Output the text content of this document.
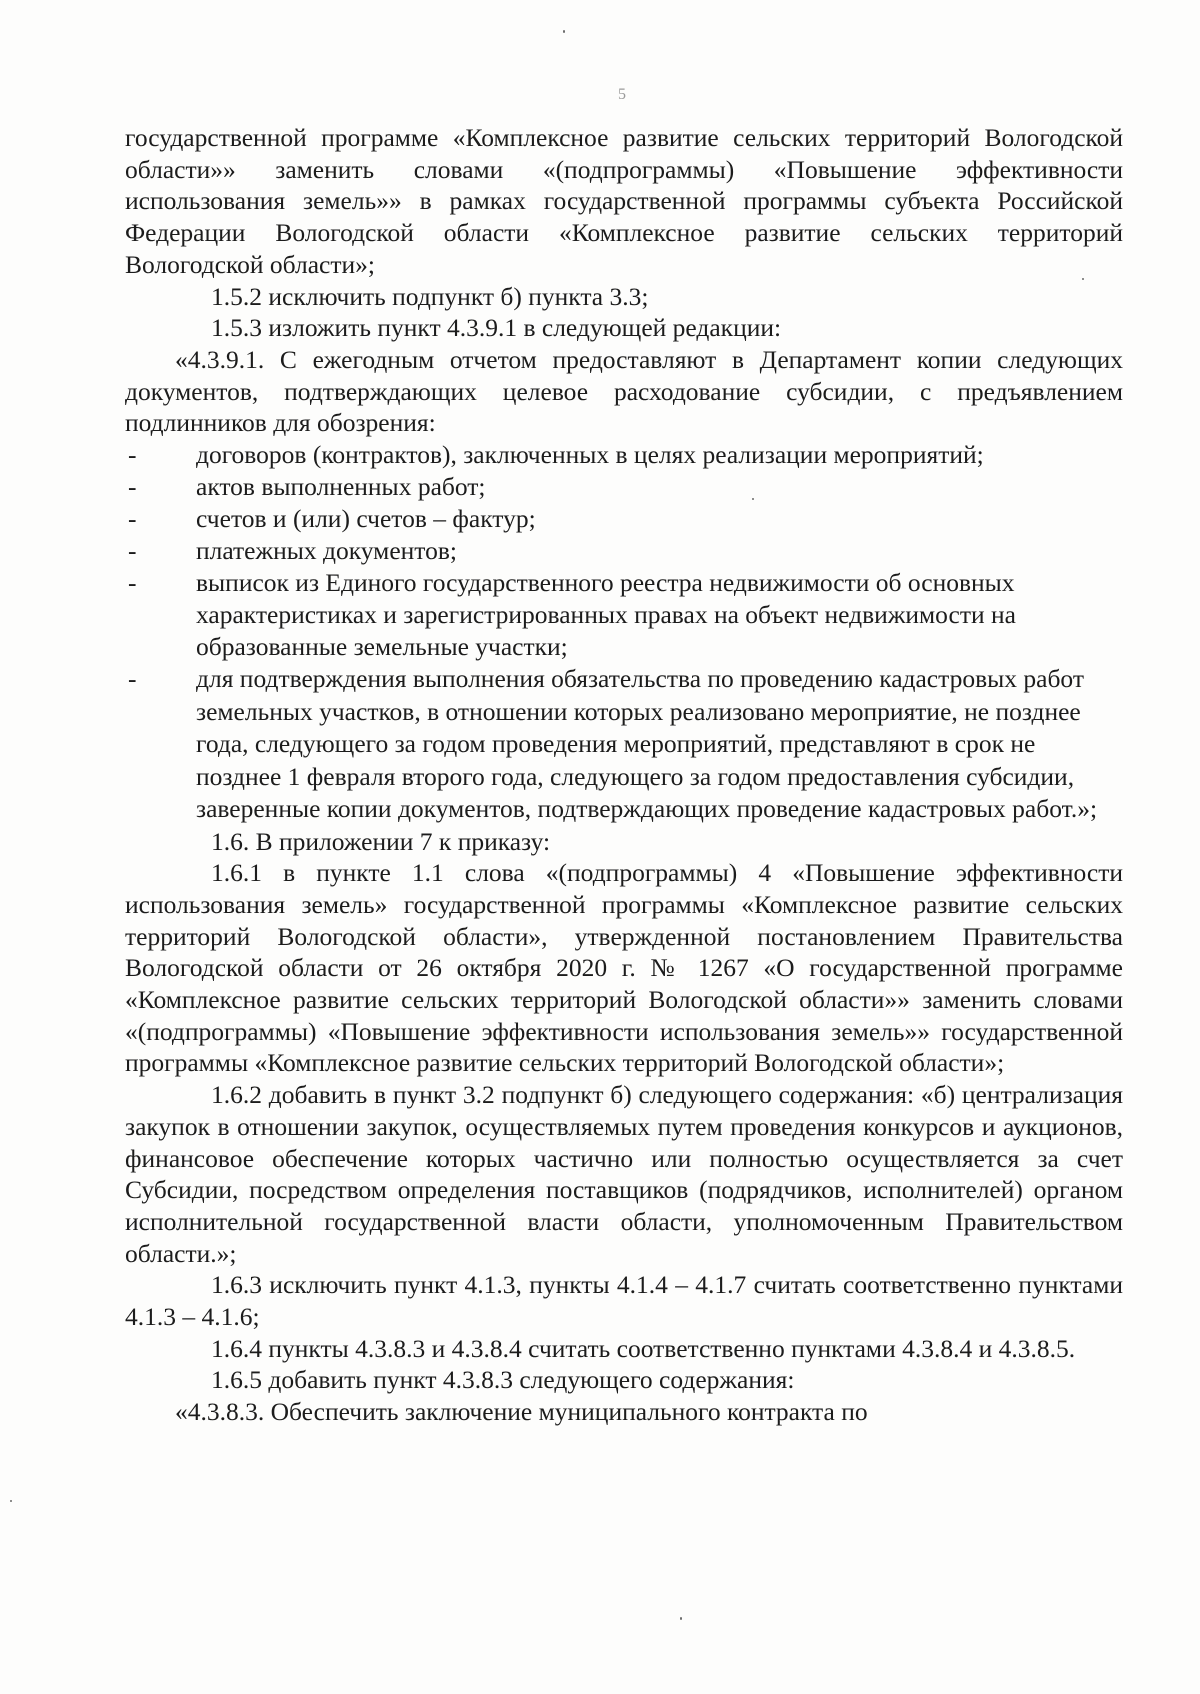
5

государственной программе «Комплексное развитие сельских территорий Вологодской области»» заменить словами «(подпрограммы) «Повышение эффективности использования земель»» в рамках государственной программы субъекта Российской Федерации Вологодской области «Комплексное развитие сельских территорий Вологодской области»;

1.5.2 исключить подпункт б) пункта 3.3;

1.5.3 изложить пункт 4.3.9.1 в следующей редакции:

«4.3.9.1. С ежегодным отчетом предоставляют в Департамент копии следующих документов, подтверждающих целевое расходование субсидии, с предъявлением подлинников для обозрения:

- договоров (контрактов), заключенных в целях реализации мероприятий;
- актов выполненных работ;
- счетов и (или) счетов – фактур;
- платежных документов;
- выписок из Единого государственного реестра недвижимости об основных характеристиках и зарегистрированных правах на объект недвижимости на образованные земельные участки;
- для подтверждения выполнения обязательства по проведению кадастровых работ земельных участков, в отношении которых реализовано мероприятие, не позднее года, следующего за годом проведения мероприятий, представляют в срок не позднее 1 февраля второго года, следующего за годом предоставления субсидии, заверенные копии документов, подтверждающих проведение кадастровых работ.»;

1.6. В приложении 7 к приказу:

1.6.1 в пункте 1.1 слова «(подпрограммы) 4 «Повышение эффективности использования земель» государственной программы «Комплексное развитие сельских территорий Вологодской области», утвержденной постановлением Правительства Вологодской области от 26 октября 2020 г. № 1267 «О государственной программе «Комплексное развитие сельских территорий Вологодской области»» заменить словами «(подпрограммы) «Повышение эффективности использования земель»» государственной программы «Комплексное развитие сельских территорий Вологодской области»;

1.6.2 добавить в пункт 3.2 подпункт б) следующего содержания: «б) централизация закупок в отношении закупок, осуществляемых путем проведения конкурсов и аукционов, финансовое обеспечение которых частично или полностью осуществляется за счет Субсидии, посредством определения поставщиков (подрядчиков, исполнителей) органом исполнительной государственной власти области, уполномоченным Правительством области.»;

1.6.3 исключить пункт 4.1.3, пункты 4.1.4 – 4.1.7 считать соответственно пунктами 4.1.3 – 4.1.6;

1.6.4 пункты 4.3.8.3 и 4.3.8.4 считать соответственно пунктами 4.3.8.4 и 4.3.8.5.

1.6.5 добавить пункт 4.3.8.3 следующего содержания:

«4.3.8.3. Обеспечить заключение муниципального контракта по
